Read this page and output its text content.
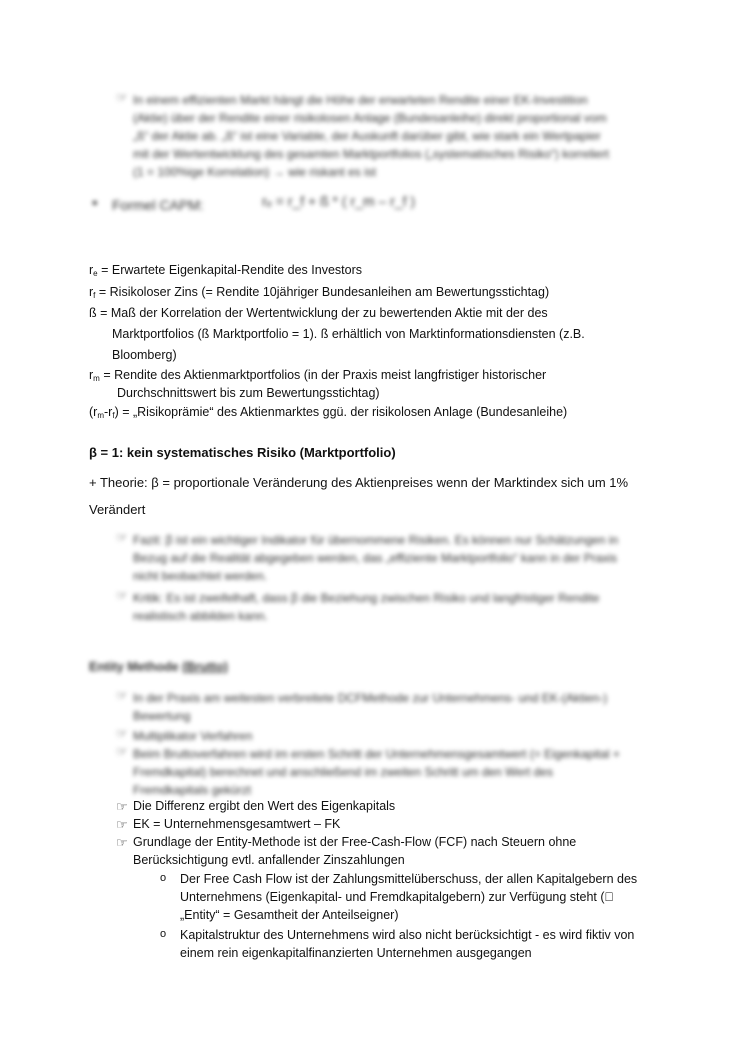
☞ In einem effizienten Markt hängt die Höhe der erwarteten Rendite einer EK-Investition
(Aktie) über der Rendite einer risikolosen Anlage (Bundesanleihe) direkt proportional vom
„ß“ der Aktie ab. „ß“ ist eine Variable, der Auskunft darüber gibt, wie stark ein Wertpapier
mit der Wertentwicklung des gesamten Marktportfolios („systematisches Risiko“) korreliert
(1 = 100%ige Korrelation) → wie riskant es ist
• Formel CAPM:	rₑ = r_f + ß * ( r_m – r_f )
$r_e$ = Erwartete Eigenkapital-Rendite des Investors
$r_f$ = Risikoloser Zins (= Rendite 10jähriger Bundesanleihen am Bewertungsstichtag)
ß = Maß der Korrelation der Wertentwicklung der zu bewertenden Aktie mit der des
Marktportfolios (ß Marktportfolio = 1). ß erhältlich von Marktinformationsdiensten (z.B.
Bloomberg)
$r_m$ = Rendite des Aktienmarktportfolios (in der Praxis meist langfristiger historischer
Durchschnittswert bis zum Bewertungsstichtag)
$(r_m-r_f)$ = „Risikoprämie“ des Aktienmarktes ggü. der risikolosen Anlage (Bundesanleihe)
β = 1: kein systematisches Risiko (Marktportfolio)
+ Theorie: β = proportionale Veränderung des Aktienpreises wenn der Marktindex sich um 1%
Verändert
☞ Fazit: β ist ein wichtiger Indikator für übernommene Risiken. Es können nur Schätzungen in
Bezug auf die Realität abgegeben werden, das „effiziente Marktportfolio“ kann in der Praxis
nicht beobachtet werden.
☞ Kritik: Es ist zweifelhaft, dass β die Beziehung zwischen Risiko und langfristiger Rendite
realistisch abbilden kann.
Entity Methode (Brutto)
☞ In der Praxis am weitesten verbreitete DCFMethode zur Unternehmens- und EK-(Aktien-)
Bewertung
☞ Multiplikator Verfahren
☞ Beim Bruttoverfahren wird im ersten Schritt der Unternehmensgesamtwert (= Eigenkapital +
Fremdkapital) berechnet und anschließend im zweiten Schritt um den Wert des
Fremdkapitals gekürzt
☞ Die Differenz ergibt den Wert des Eigenkapitals
☞ EK = Unternehmensgesamtwert – FK
☞ Grundlage der Entity-Methode ist der Free-Cash-Flow (FCF) nach Steuern ohne
Berücksichtigung evtl. anfallender Zinszahlungen
o Der Free Cash Flow ist der Zahlungsmittelüberschuss, der allen Kapitalgebern des
Unternehmens (Eigenkapital- und Fremdkapitalgebern) zur Verfügung steht ( 
„Entity“ = Gesamtheit der Anteilseigner)
o Kapitalstruktur des Unternehmens wird also nicht berücksichtigt - es wird fiktiv von
einem rein eigenkapitalfinanzierten Unternehmen ausgegangen
